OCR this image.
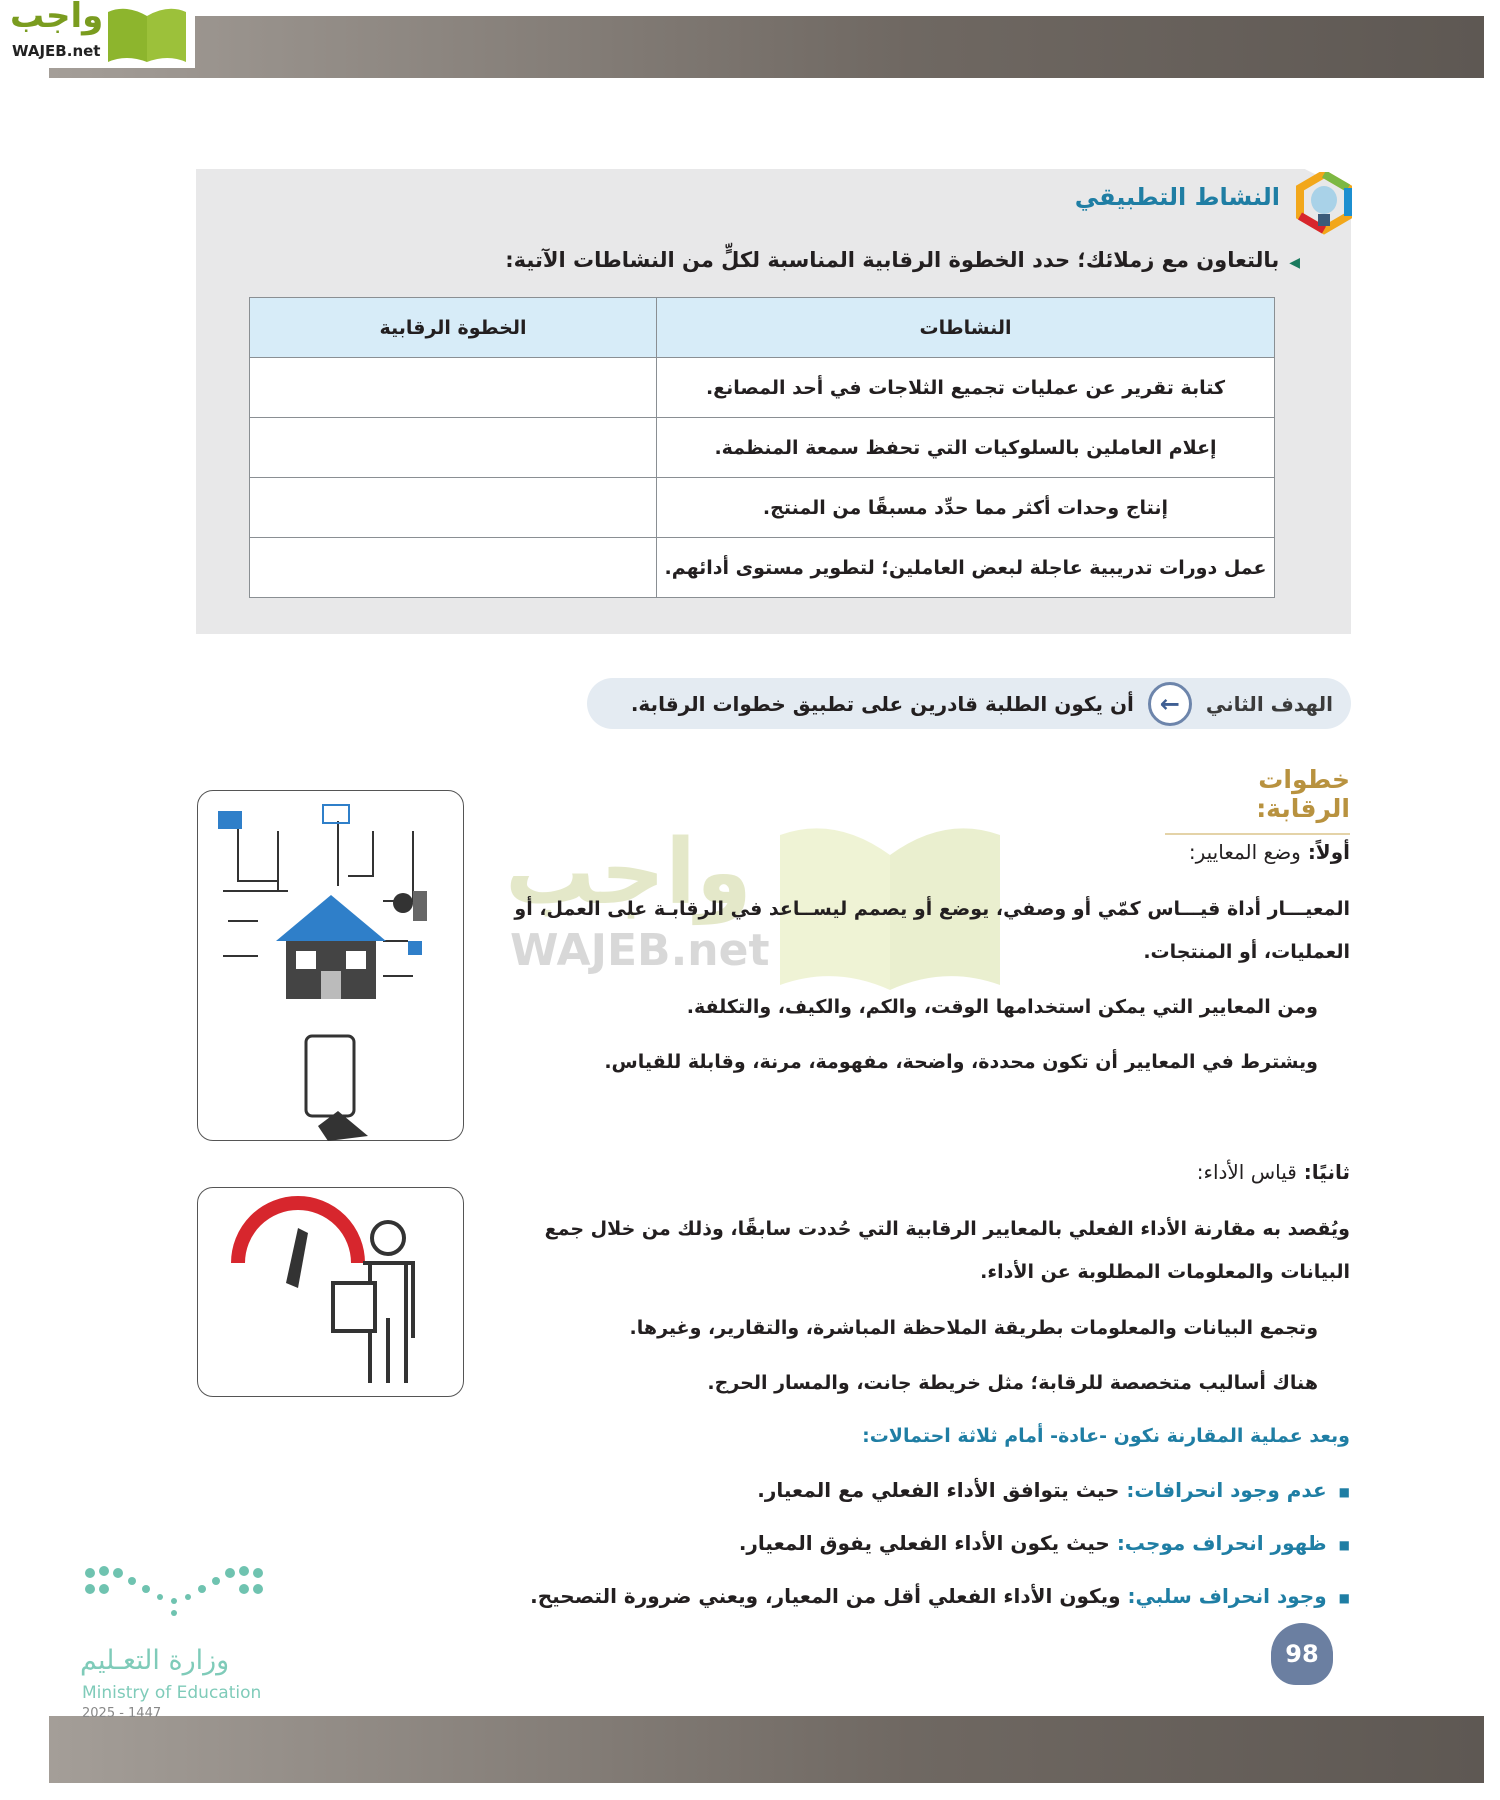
واجب
WAJEB.net
النشاط التطبيقي
◀بالتعاون مع زملائك؛ حدد الخطوة الرقابية المناسبة لكلٍّ من النشاطات الآتية:
النشاطات	الخطوة الرقابية
كتابة تقرير عن عمليات تجميع الثلاجات في أحد المصانع.	
إعلام العاملين بالسلوكيات التي تحفظ سمعة المنظمة.	
إنتاج وحدات أكثر مما حدِّد مسبقًا من المنتج.	
عمل دورات تدريبية عاجلة لبعض العاملين؛ لتطوير مستوى أدائهم.	
الهدف الثاني
←
أن يكون الطلبة قادرين على تطبيق خطوات الرقابة.
واجب
WAJEB.net
خطوات الرقابة:
أولاً: وضع المعايير:
المعيـــار أداة قيـــاس كمّي أو وصفي، يوضع أو يصمم ليســاعد في الرقابـة على العمل، أو
العمليات، أو المنتجات.
ومن المعايير التي يمكن استخدامها الوقت، والكم، والكيف، والتكلفة.
ويشترط في المعايير أن تكون محددة، واضحة، مفهومة، مرنة، وقابلة للقياس.
ثانيًا: قياس الأداء:
ويُقصد به مقارنة الأداء الفعلي بالمعايير الرقابية التي حُددت سابقًا، وذلك من خلال جمع
البيانات والمعلومات المطلوبة عن الأداء.
وتجمع البيانات والمعلومات بطريقة الملاحظة المباشرة، والتقارير، وغيرها.
هناك أساليب متخصصة للرقابة؛ مثل خريطة جانت، والمسار الحرج.
وبعد عملية المقارنة نكون -عادة- أمام ثلاثة احتمالات:
■عدم وجود انحرافات: حيث يتوافق الأداء الفعلي مع المعيار.
■ظهور انحراف موجب: حيث يكون الأداء الفعلي يفوق المعيار.
■وجود انحراف سلبي: ويكون الأداء الفعلي أقل من المعيار، ويعني ضرورة التصحيح.
98
وزارة التعـليم
Ministry of Education
2025 - 1447
